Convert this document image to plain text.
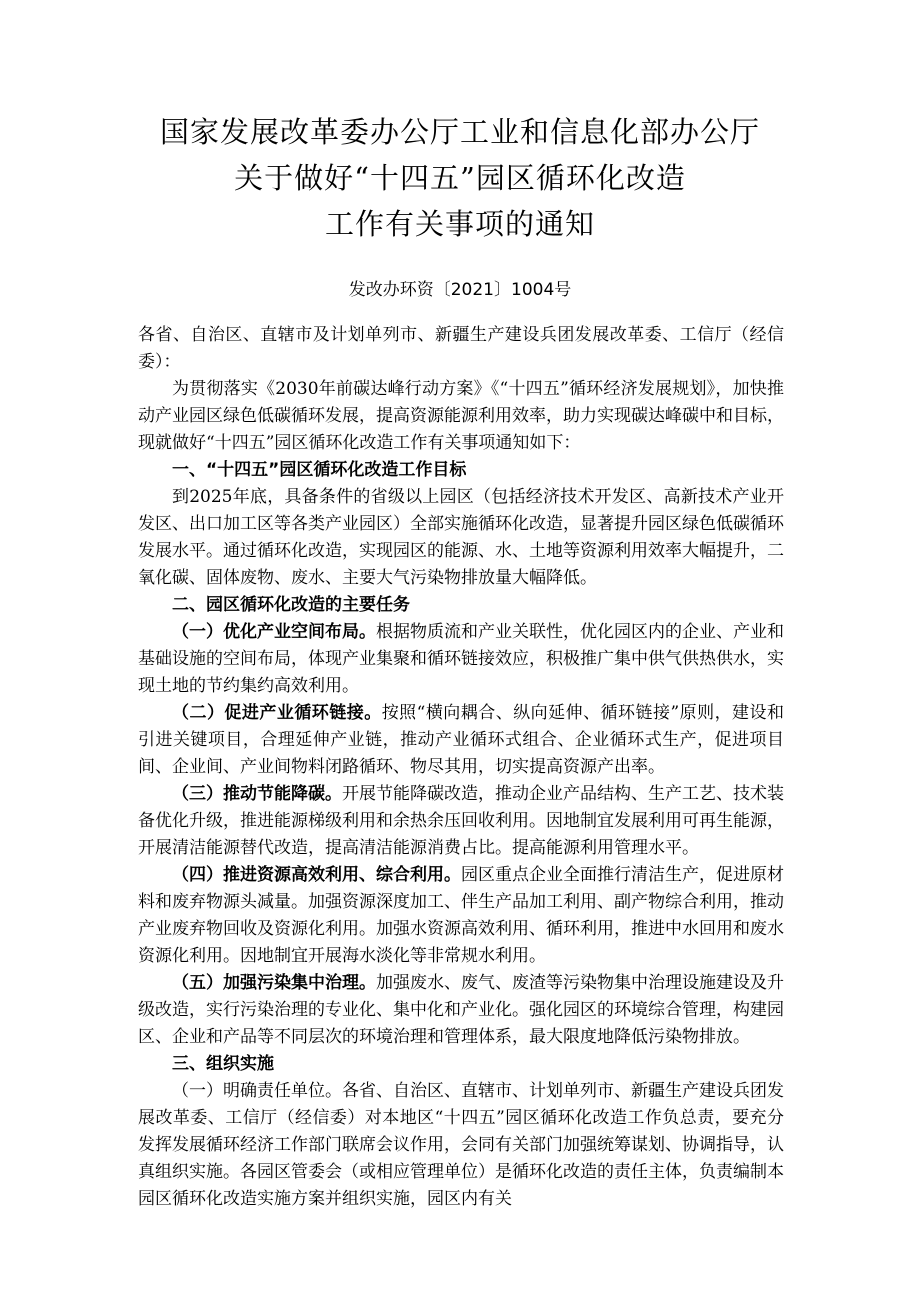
国家发展改革委办公厅工业和信息化部办公厅
关于做好“十四五”园区循环化改造
工作有关事项的通知
发改办环资〔2021〕1004号

各省、自治区、直辖市及计划单列市、新疆生产建设兵团发展改革委、工信厅（经信委）：

为贯彻落实《2030年前碳达峰行动方案》《“十四五”循环经济发展规划》，加快推动产业园区绿色低碳循环发展，提高资源能源利用效率，助力实现碳达峰碳中和目标，现就做好“十四五”园区循环化改造工作有关事项通知如下：

一、“十四五”园区循环化改造工作目标

到2025年底，具备条件的省级以上园区（包括经济技术开发区、高新技术产业开发区、出口加工区等各类产业园区）全部实施循环化改造，显著提升园区绿色低碳循环发展水平。通过循环化改造，实现园区的能源、水、土地等资源利用效率大幅提升，二氧化碳、固体废物、废水、主要大气污染物排放量大幅降低。

二、园区循环化改造的主要任务

（一）优化产业空间布局。根据物质流和产业关联性，优化园区内的企业、产业和基础设施的空间布局，体现产业集聚和循环链接效应，积极推广集中供气供热供水，实现土地的节约集约高效利用。

（二）促进产业循环链接。按照“横向耦合、纵向延伸、循环链接”原则，建设和引进关键项目，合理延伸产业链，推动产业循环式组合、企业循环式生产，促进项目间、企业间、产业间物料闭路循环、物尽其用，切实提高资源产出率。

（三）推动节能降碳。开展节能降碳改造，推动企业产品结构、生产工艺、技术装备优化升级，推进能源梯级利用和余热余压回收利用。因地制宜发展利用可再生能源，开展清洁能源替代改造，提高清洁能源消费占比。提高能源利用管理水平。

（四）推进资源高效利用、综合利用。园区重点企业全面推行清洁生产，促进原材料和废弃物源头减量。加强资源深度加工、伴生产品加工利用、副产物综合利用，推动产业废弃物回收及资源化利用。加强水资源高效利用、循环利用，推进中水回用和废水资源化利用。因地制宜开展海水淡化等非常规水利用。

（五）加强污染集中治理。加强废水、废气、废渣等污染物集中治理设施建设及升级改造，实行污染治理的专业化、集中化和产业化。强化园区的环境综合管理，构建园区、企业和产品等不同层次的环境治理和管理体系，最大限度地降低污染物排放。

三、组织实施

（一）明确责任单位。各省、自治区、直辖市、计划单列市、新疆生产建设兵团发展改革委、工信厅（经信委）对本地区“十四五”园区循环化改造工作负总责，要充分发挥发展循环经济工作部门联席会议作用，会同有关部门加强统筹谋划、协调指导，认真组织实施。各园区管委会（或相应管理单位）是循环化改造的责任主体，负责编制本园区循环化改造实施方案并组织实施，园区内有关
